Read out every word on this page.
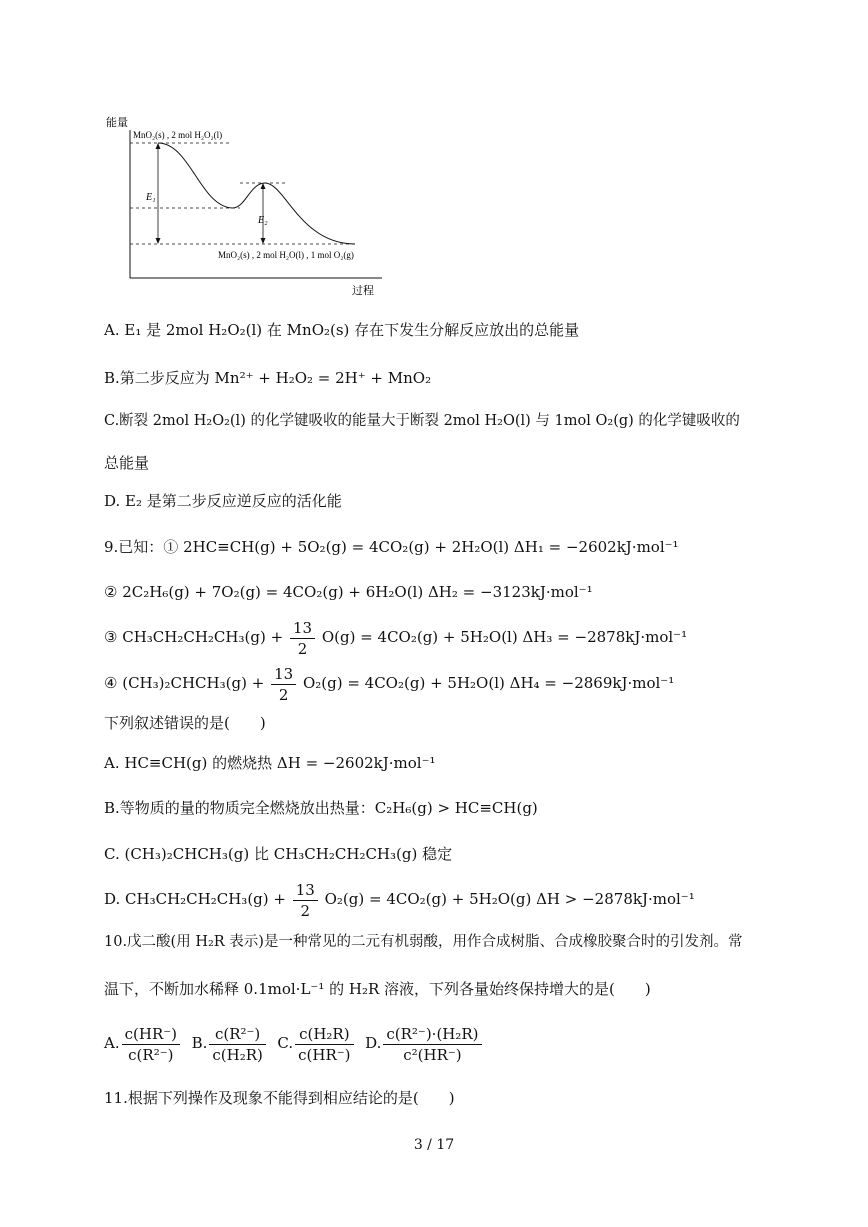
能量
过程
MnO₂(s) , 2 mol H₂O₂(l)
MnO₂(s) , 2 mol H₂O(l) , 1 mol O₂(g)
E₁
E₂
A. E₁ 是 2mol H₂O₂(l) 在 MnO₂(s) 存在下发生分解反应放出的总能量
B.第二步反应为 Mn²⁺ + H₂O₂ = 2H⁺ + MnO₂
C.断裂 2mol H₂O₂(l) 的化学键吸收的能量大于断裂 2mol H₂O(l) 与 1mol O₂(g) 的化学键吸收的
总能量
D. E₂ 是第二步反应逆反应的活化能
9.已知：① 2HC≡CH(g) + 5O₂(g) = 4CO₂(g) + 2H₂O(l) ΔH₁ = −2602kJ·mol⁻¹
② 2C₂H₆(g) + 7O₂(g) = 4CO₂(g) + 6H₂O(l) ΔH₂ = −3123kJ·mol⁻¹
③ $CH_3CH_2CH_2CH_3(g) + \frac{13}{2} O(g) = 4CO_2(g) + 5H_2O(l) \Delta H_3 = -2878kJ\cdot mol^{-1}$
④ (CH₃)₂CHCH₃(g) + $\frac{13}{2} O_2(g) = 4CO_2(g) + 5H_2O(l) \Delta H_4 = -2869kJ\cdot mol^{-1}$
下列叙述错误的是(　　)
A. HC≡CH(g) 的燃烧热 ΔH = −2602kJ·mol⁻¹
B.等物质的量的物质完全燃烧放出热量：C₂H₆(g) > HC≡CH(g)
C. (CH₃)₂CHCH₃(g) 比 CH₃CH₂CH₂CH₃(g) 稳定
D. $CH_3CH_2CH_2CH_3(g) + \frac{13}{2} O_2(g) = 4CO_2(g) + 5H_2O(g) \Delta H > -2878kJ\cdot mol^{-1}$
10.戊二酸(用 H₂R 表示)是一种常见的二元有机弱酸，用作合成树脂、合成橡胶聚合时的引发剂。常
温下，不断加水稀释 0.1mol·L⁻¹ 的 H₂R 溶液，下列各量始终保持增大的是(　　)
A. $\frac{c(HR^-)}{\text{c(R²⁻)}} B$. $\frac{\text{c(R²⁻)}}{\text{c(H₂R)}} C$. $\frac{\text{c(H₂R)}}{c(HR^-)} D$. $\frac{\text{c(R²⁻)·(H₂R)}}{\text{c²(HR⁻)}}$
11.根据下列操作及现象不能得到相应结论的是(　　)
3 / 17
